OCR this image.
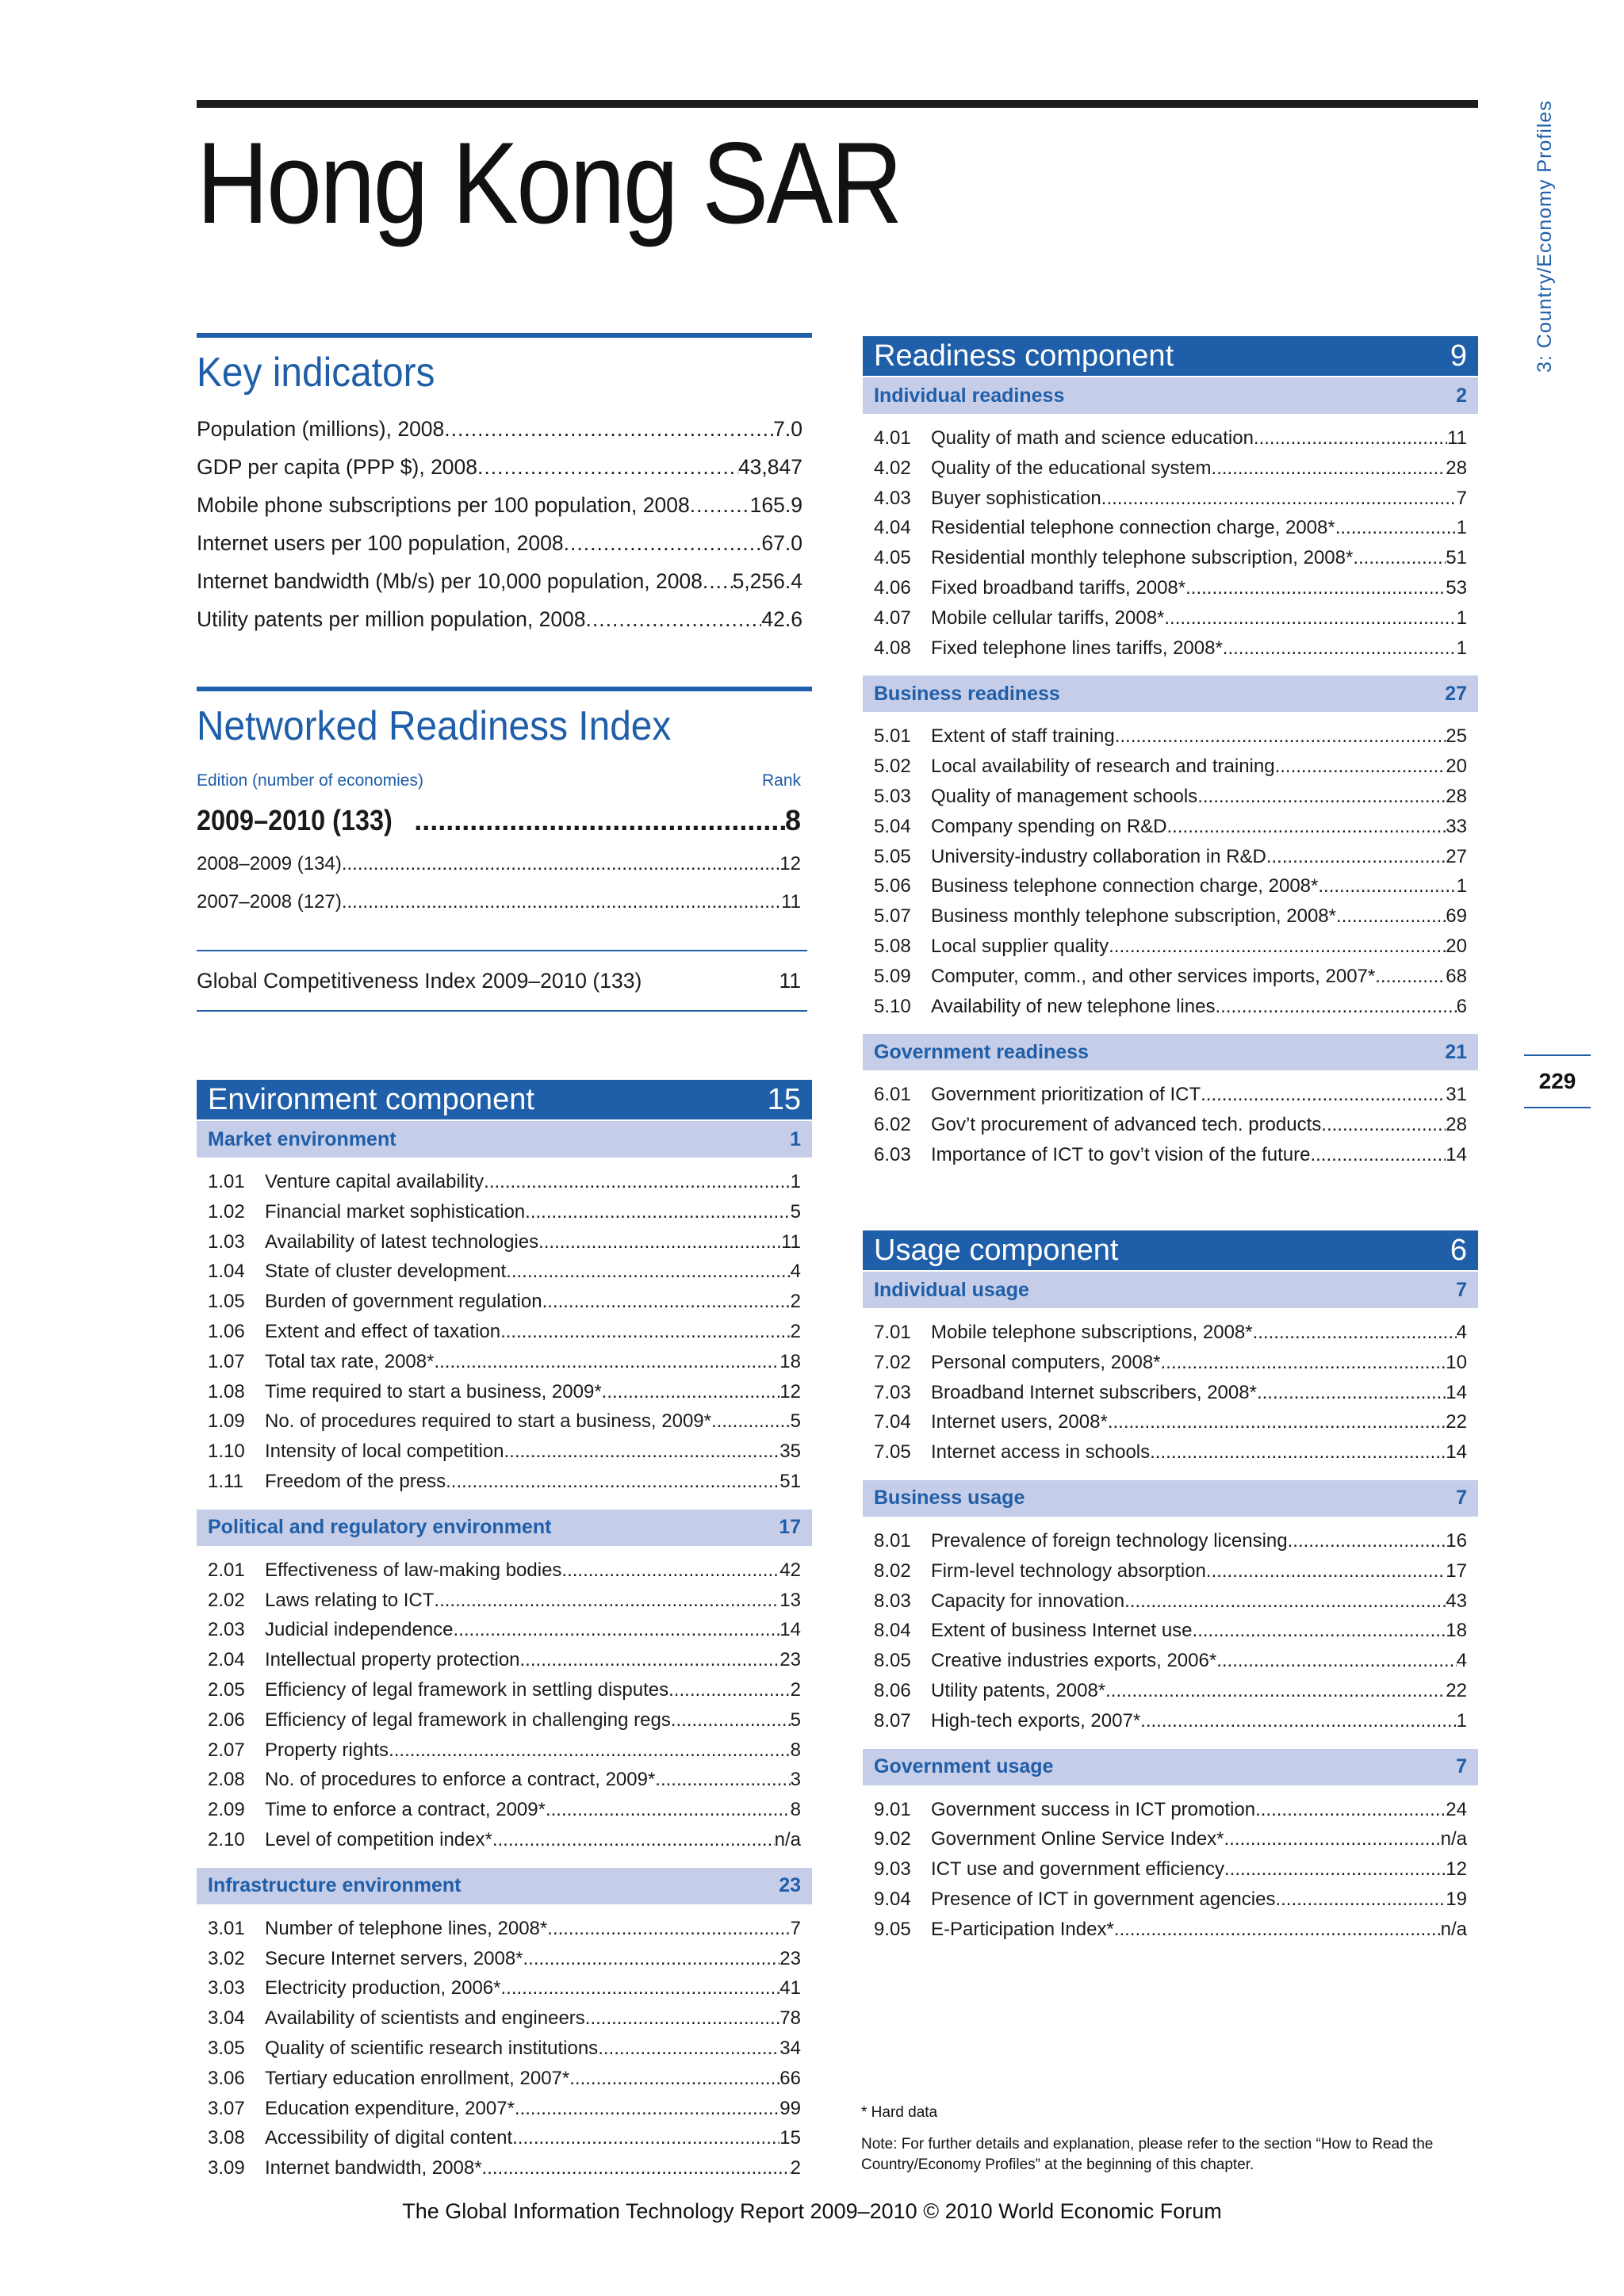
Hong Kong SAR	3: Country/Economy Profiles
229
Key indicators
Population (millions), 2008 .....	7.0
GDP per capita (PPP $), 2008 .....	43,847
Mobile phone subscriptions per 100 population, 2008 .....	165.9
Internet users per 100 population, 2008 .....	67.0
Internet bandwidth (Mb/s) per 10,000 population, 2008 ..... 5,256.4
Utility patents per million population, 2008 .....	42.6
Networked Readiness Index
Edition (number of economies)	Rank
2009–2010 (133) .....	8
2008–2009 (134) .....	12
2007–2008 (127) .....	11
Global Competitiveness Index 2009–2010 (133)	11
Environment component	15
Market environment	1
1.01	Venture capital availability .....	1
1.02	Financial market sophistication .....	5
1.03	Availability of latest technologies .....	11
1.04	State of cluster development .....	4
1.05	Burden of government regulation .....	2
1.06	Extent and effect of taxation .....	2
1.07	Total tax rate, 2008* .....	18
1.08	Time required to start a business, 2009* .....	12
1.09	No. of procedures required to start a business, 2009* .....	5
1.10	Intensity of local competition .....	35
1.11	Freedom of the press .....	51
Political and regulatory environment	17
2.01	Effectiveness of law-making bodies .....	42
2.02	Laws relating to ICT .....	13
2.03	Judicial independence .....	14
2.04	Intellectual property protection .....	23
2.05	Efficiency of legal framework in settling disputes .....	2
2.06	Efficiency of legal framework in challenging regs .....	5
2.07	Property rights .....	8
2.08	No. of procedures to enforce a contract, 2009* .....	3
2.09	Time to enforce a contract, 2009* .....	8
2.10	Level of competition index* .....	n/a
Infrastructure environment	23
3.01	Number of telephone lines, 2008* .....	7
3.02	Secure Internet servers, 2008* .....	23
3.03	Electricity production, 2006* .....	41
3.04	Availability of scientists and engineers .....	78
3.05	Quality of scientific research institutions .....	34
3.06	Tertiary education enrollment, 2007* .....	66
3.07	Education expenditure, 2007* .....	99
3.08	Accessibility of digital content .....	15
3.09	Internet bandwidth, 2008* .....	2
Readiness component	9
Individual readiness	2
4.01	Quality of math and science education .....	11
4.02	Quality of the educational system .....	28
4.03	Buyer sophistication .....	7
4.04	Residential telephone connection charge, 2008* .....	1
4.05	Residential monthly telephone subscription, 2008* .....	51
4.06	Fixed broadband tariffs, 2008* .....	53
4.07	Mobile cellular tariffs, 2008* .....	1
4.08	Fixed telephone lines tariffs, 2008* .....	1
Business readiness	27
5.01	Extent of staff training .....	25
5.02	Local availability of research and training .....	20
5.03	Quality of management schools .....	28
5.04	Company spending on R&D .....	33
5.05	University-industry collaboration in R&D .....	27
5.06	Business telephone connection charge, 2008* .....	1
5.07	Business monthly telephone subscription, 2008* .....	69
5.08	Local supplier quality .....	20
5.09	Computer, comm., and other services imports, 2007* .....	68
5.10	Availability of new telephone lines .....	6
Government readiness	21
6.01	Government prioritization of ICT .....	31
6.02	Gov’t procurement of advanced tech. products .....	28
6.03	Importance of ICT to gov’t vision of the future .....	14
Usage component	6
Individual usage	7
7.01	Mobile telephone subscriptions, 2008* .....	4
7.02	Personal computers, 2008* .....	10
7.03	Broadband Internet subscribers, 2008* .....	14
7.04	Internet users, 2008* .....	22
7.05	Internet access in schools .....	14
Business usage	7
8.01	Prevalence of foreign technology licensing .....	16
8.02	Firm-level technology absorption .....	17
8.03	Capacity for innovation .....	43
8.04	Extent of business Internet use .....	18
8.05	Creative industries exports, 2006* .....	4
8.06	Utility patents, 2008* .....	22
8.07	High-tech exports, 2007* .....	1
Government usage	7
9.01	Government success in ICT promotion .....	24
9.02	Government Online Service Index* .....	n/a
9.03	ICT use and government efficiency .....	12
9.04	Presence of ICT in government agencies .....	19
9.05	E-Participation Index* .....	n/a
* Hard data
Note: For further details and explanation, please refer to the section “How to Read the Country/Economy Profiles” at the beginning of this chapter.
The Global Information Technology Report 2009–2010 © 2010 World Economic Forum
